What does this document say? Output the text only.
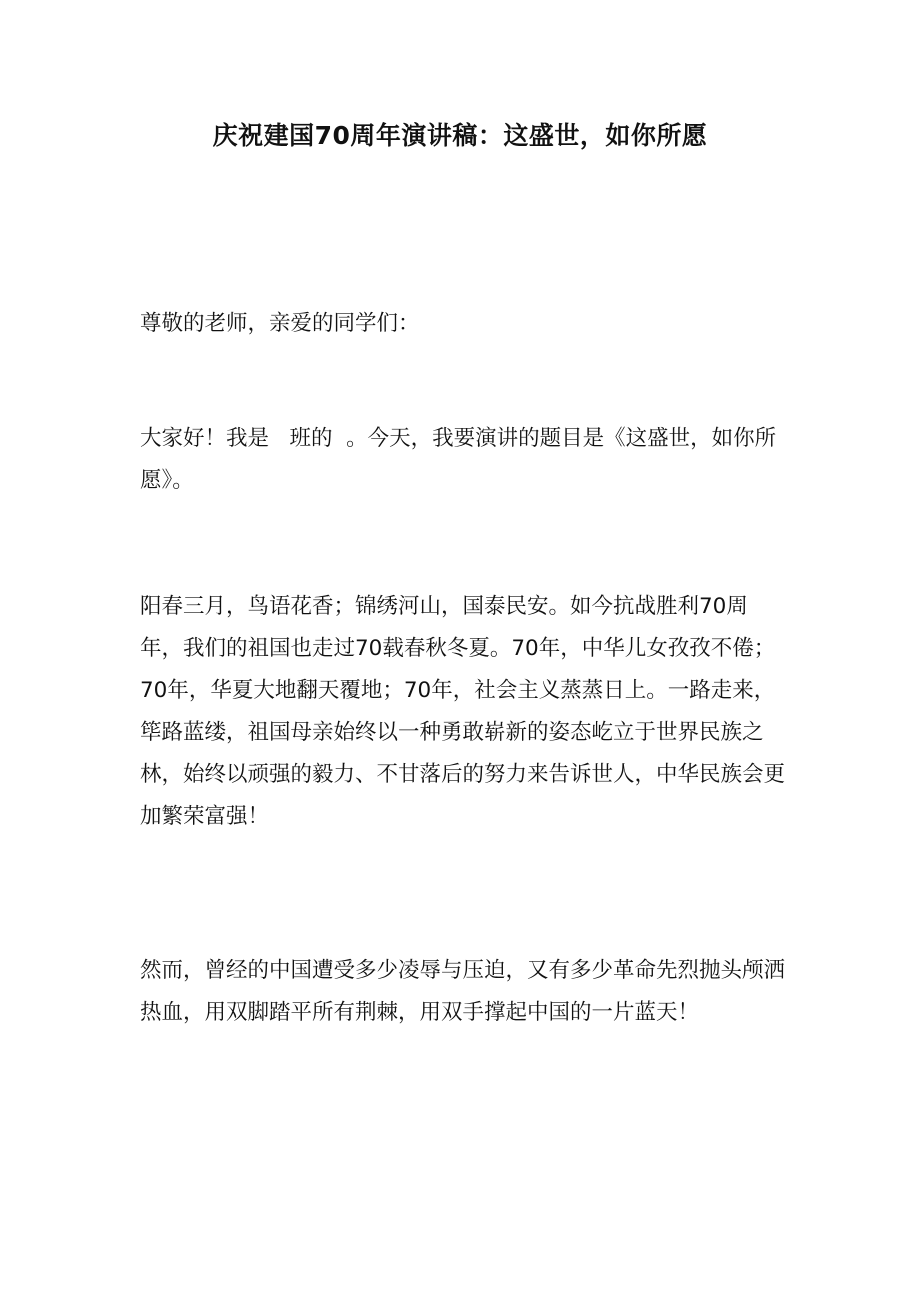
庆祝建国70周年演讲稿：这盛世，如你所愿

尊敬的老师，亲爱的同学们：

大家好！我是   班的  。今天，我要演讲的题目是《这盛世，如你所愿》。

阳春三月，鸟语花香；锦绣河山，国泰民安。如今抗战胜利70周年，我们的祖国也走过70载春秋冬夏。70年，中华儿女孜孜不倦；70年，华夏大地翻天覆地；70年，社会主义蒸蒸日上。一路走来，筚路蓝缕，祖国母亲始终以一种勇敢崭新的姿态屹立于世界民族之林，始终以顽强的毅力、不甘落后的努力来告诉世人，中华民族会更加繁荣富强！

然而，曾经的中国遭受多少凌辱与压迫，又有多少革命先烈抛头颅洒热血，用双脚踏平所有荆棘，用双手撑起中国的一片蓝天！
